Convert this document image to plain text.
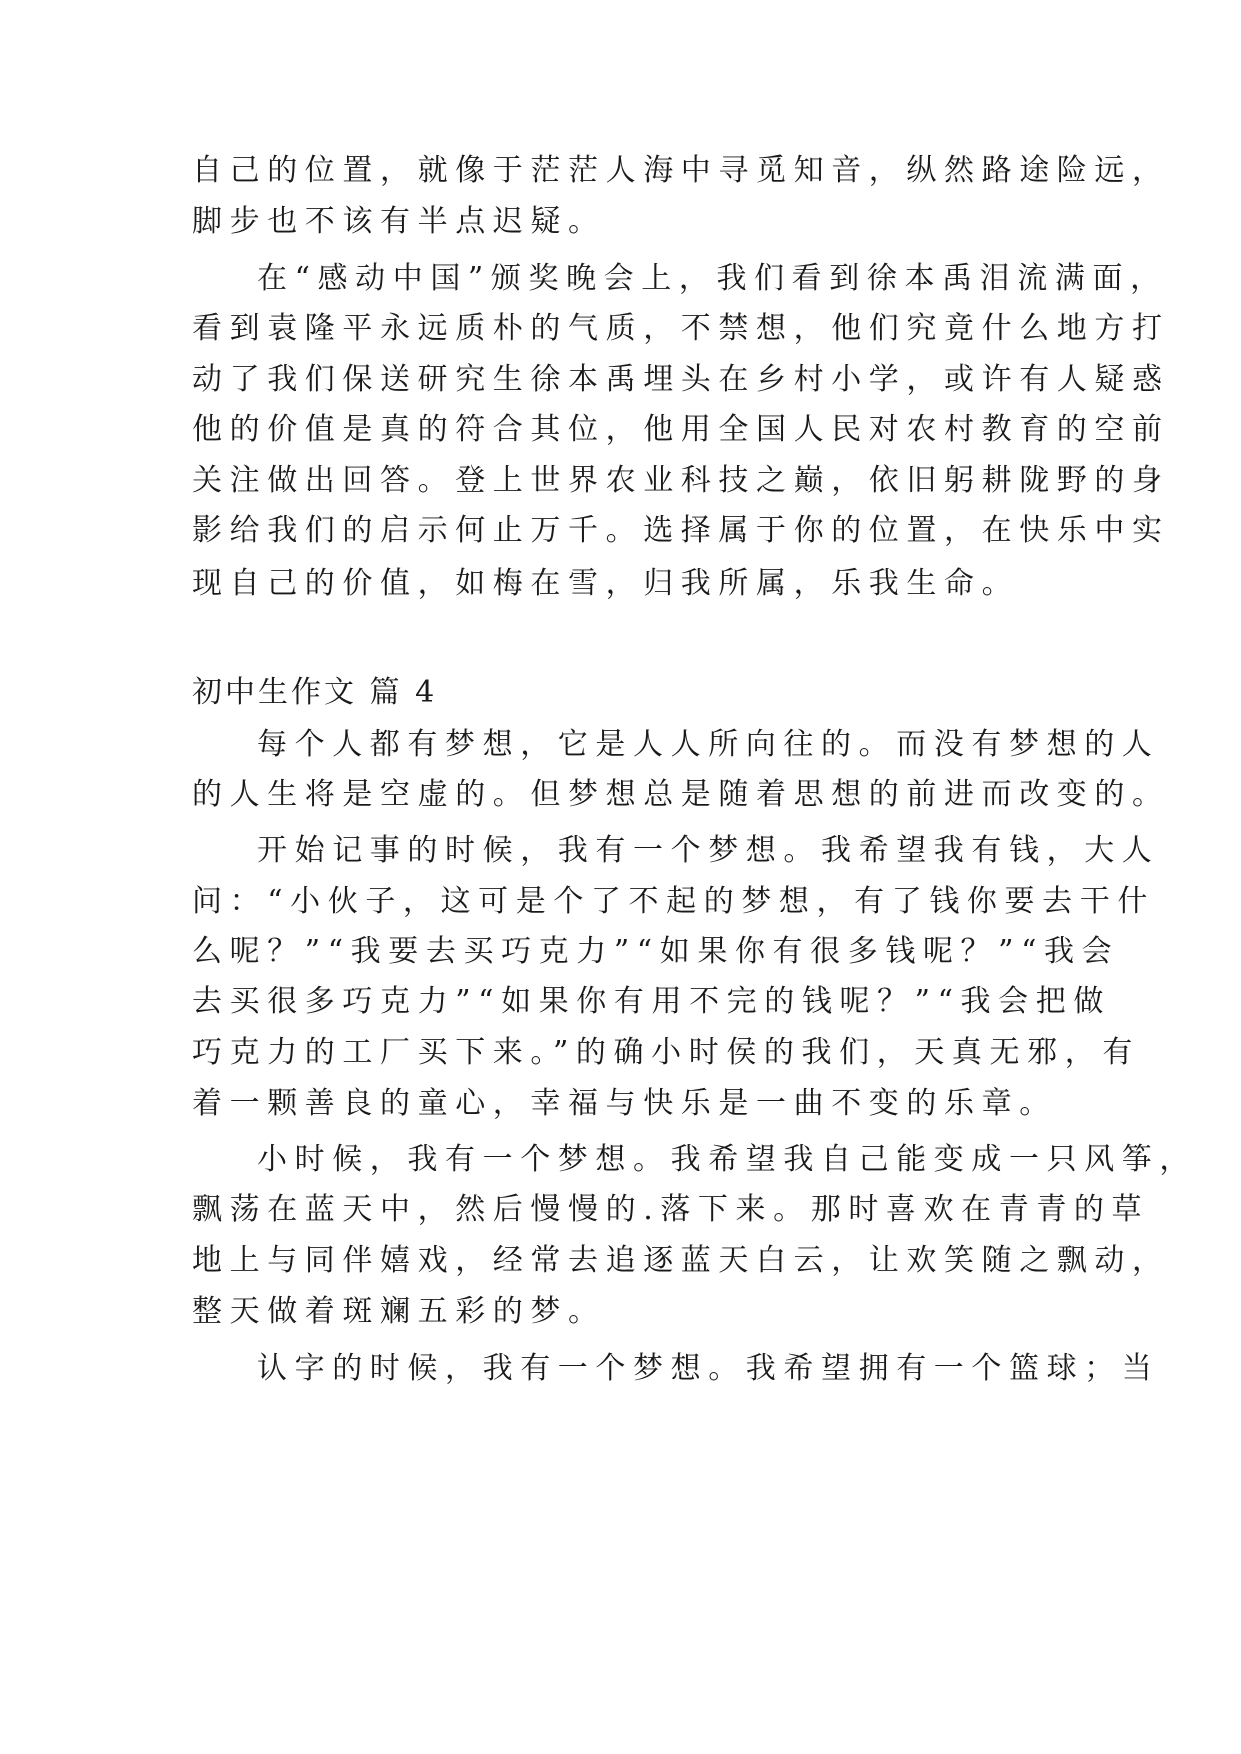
自己的位置，就像于茫茫人海中寻觅知音，纵然路途险远，

脚步也不该有半点迟疑。

在“感动中国”颁奖晚会上，我们看到徐本禹泪流满面，

看到袁隆平永远质朴的气质，不禁想，他们究竟什么地方打

动了我们保送研究生徐本禹埋头在乡村小学，或许有人疑惑

他的价值是真的符合其位，他用全国人民对农村教育的空前

关注做出回答。登上世界农业科技之巅，依旧躬耕陇野的身

影给我们的启示何止万千。选择属于你的位置，在快乐中实

现自己的价值，如梅在雪，归我所属，乐我生命。

初中生作文 篇 4

每个人都有梦想，它是人人所向往的。而没有梦想的人

的人生将是空虚的。但梦想总是随着思想的前进而改变的。

开始记事的时候，我有一个梦想。我希望我有钱，大人

问：“小伙子，这可是个了不起的梦想，有了钱你要去干什

么呢？”“我要去买巧克力”“如果你有很多钱呢？”“我会

去买很多巧克力”“如果你有用不完的钱呢？”“我会把做

巧克力的工厂买下来。”的确小时侯的我们，天真无邪，有

着一颗善良的童心，幸福与快乐是一曲不变的乐章。

小时候，我有一个梦想。我希望我自己能变成一只风筝，

飘荡在蓝天中，然后慢慢的.落下来。那时喜欢在青青的草

地上与同伴嬉戏，经常去追逐蓝天白云，让欢笑随之飘动，

整天做着斑斓五彩的梦。

认字的时候，我有一个梦想。我希望拥有一个篮球；当
